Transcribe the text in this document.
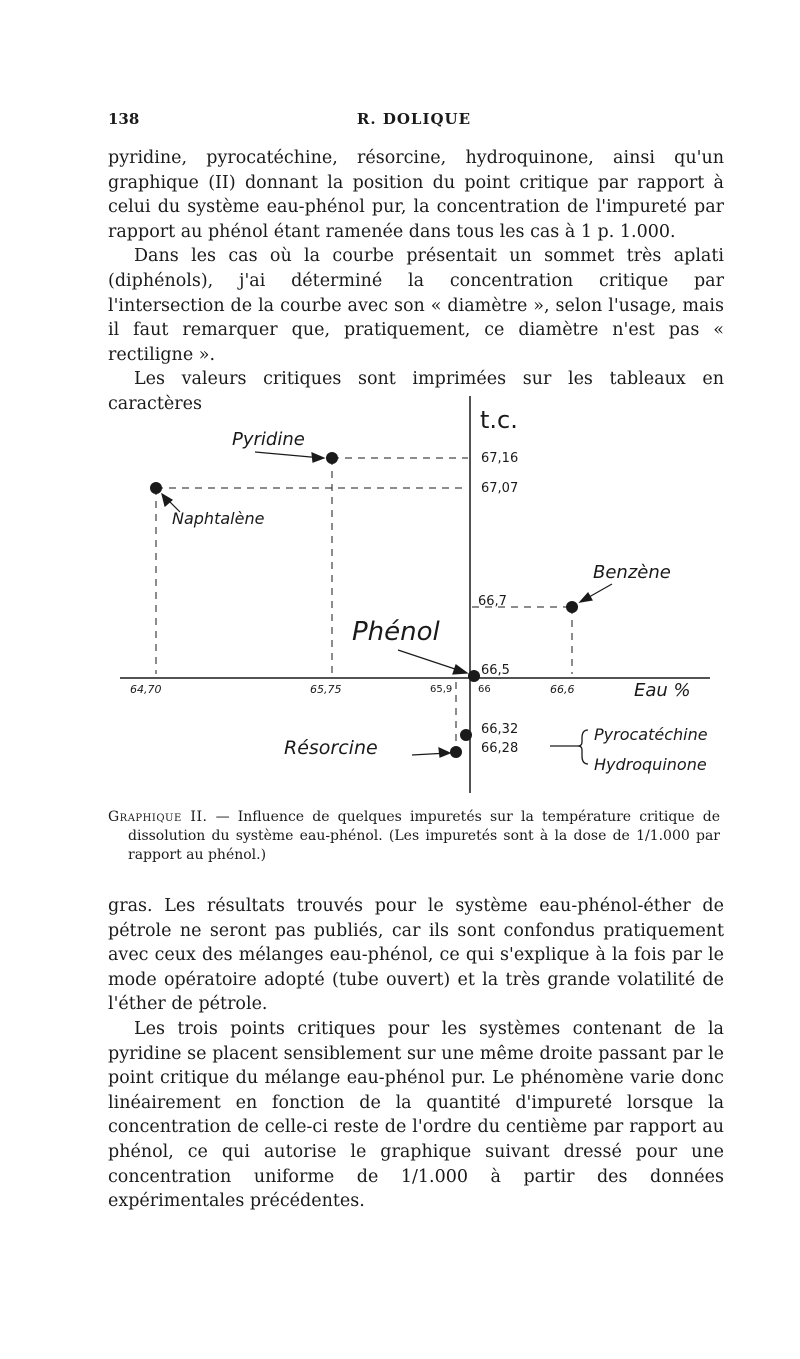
138	R. DOLIQUE

pyridine, pyrocatéchine, résorcine, hydroquinone, ainsi qu'un graphique (II) donnant la position du point critique par rapport à celui du système eau-phénol pur, la concentration de l'impureté par rapport au phénol étant ramenée dans tous les cas à 1 p. 1.000.

Dans les cas où la courbe présentait un sommet très aplati (diphénols), j'ai déterminé la concentration critique par l'intersection de la courbe avec son « diamètre », selon l'usage, mais il faut remarquer que, pratiquement, ce diamètre n'est pas « rectiligne ».

Les valeurs critiques sont imprimées sur les tableaux en caractères

t.c.
67,16
67,07
66,7
66,5
66,32
66,28
64,70	65,75	65,9	66	66,6	Eau %
Pyridine
Naphtalène
Benzène
Phénol
Résorcine
Pyrocatéchine
Hydroquinone

Graphique II. — Influence de quelques impuretés sur la température critique de dissolution du système eau-phénol. (Les impuretés sont à la dose de 1/1.000 par rapport au phénol.)

gras. Les résultats trouvés pour le système eau-phénol-éther de pétrole ne seront pas publiés, car ils sont confondus pratiquement avec ceux des mélanges eau-phénol, ce qui s'explique à la fois par le mode opératoire adopté (tube ouvert) et la très grande volatilité de l'éther de pétrole.

Les trois points critiques pour les systèmes contenant de la pyridine se placent sensiblement sur une même droite passant par le point critique du mélange eau-phénol pur. Le phénomène varie donc linéairement en fonction de la quantité d'impureté lorsque la concentration de celle-ci reste de l'ordre du centième par rapport au phénol, ce qui autorise le graphique suivant dressé pour une concentration uniforme de 1/1.000 à partir des données expérimentales précédentes.
